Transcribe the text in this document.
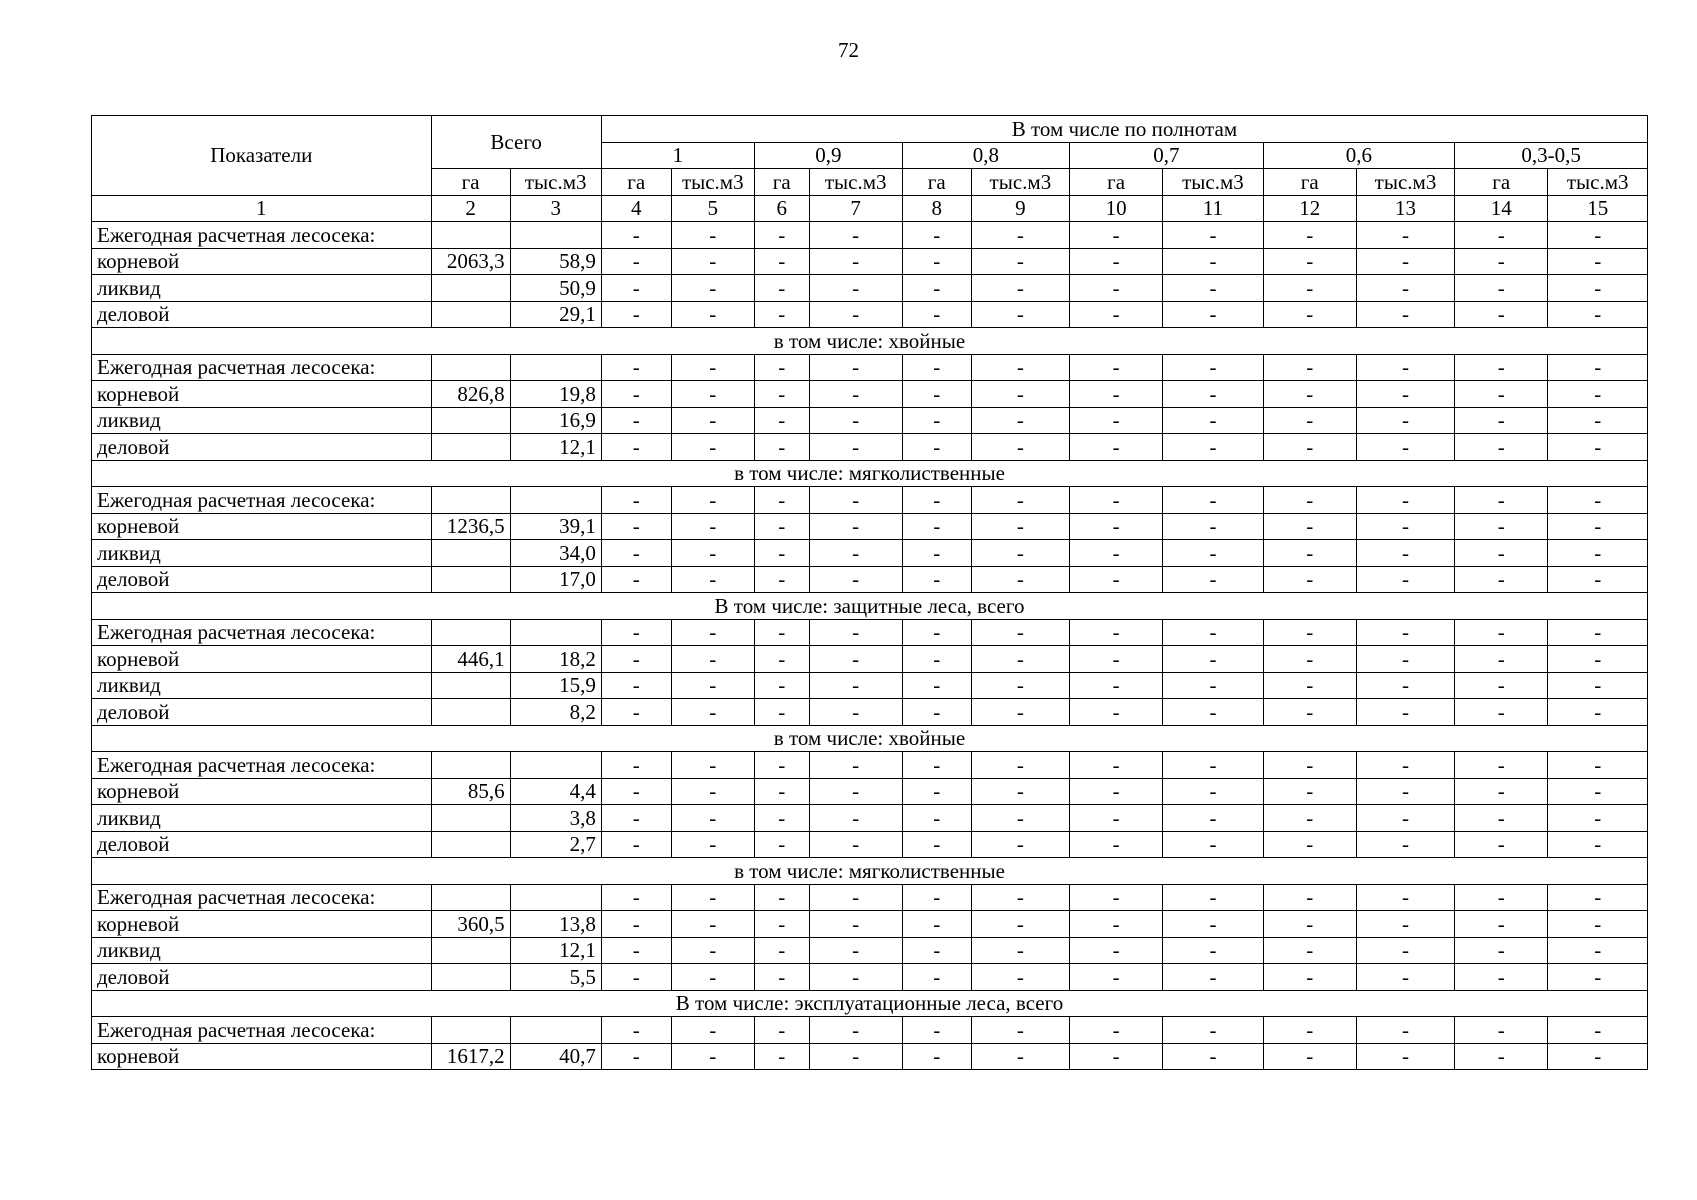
72
Показатели	Всего		В том числе по полнотам											
			1		0,9		0,8		0,7		0,6		0,3-0,5	
	га	тыс.м3	га	тыс.м3	га	тыс.м3	га	тыс.м3	га	тыс.м3	га	тыс.м3	га	тыс.м3
1	2	3	4	5	6	7	8	9	10	11	12	13	14	15
Ежегодная расчетная лесосека:			-	-	-	-	-	-	-	-	-	-	-	-
корневой	2063,3	58,9	-	-	-	-	-	-	-	-	-	-	-	-
ликвид		50,9	-	-	-	-	-	-	-	-	-	-	-	-
деловой		29,1	-	-	-	-	-	-	-	-	-	-	-	-
в том числе: хвойные														
Ежегодная расчетная лесосека:			-	-	-	-	-	-	-	-	-	-	-	-
корневой	826,8	19,8	-	-	-	-	-	-	-	-	-	-	-	-
ликвид		16,9	-	-	-	-	-	-	-	-	-	-	-	-
деловой		12,1	-	-	-	-	-	-	-	-	-	-	-	-
в том числе: мягколиственные														
Ежегодная расчетная лесосека:			-	-	-	-	-	-	-	-	-	-	-	-
корневой	1236,5	39,1	-	-	-	-	-	-	-	-	-	-	-	-
ликвид		34,0	-	-	-	-	-	-	-	-	-	-	-	-
деловой		17,0	-	-	-	-	-	-	-	-	-	-	-	-
В том числе: защитные леса, всего														
Ежегодная расчетная лесосека:			-	-	-	-	-	-	-	-	-	-	-	-
корневой	446,1	18,2	-	-	-	-	-	-	-	-	-	-	-	-
ликвид		15,9	-	-	-	-	-	-	-	-	-	-	-	-
деловой		8,2	-	-	-	-	-	-	-	-	-	-	-	-
в том числе: хвойные														
Ежегодная расчетная лесосека:			-	-	-	-	-	-	-	-	-	-	-	-
корневой	85,6	4,4	-	-	-	-	-	-	-	-	-	-	-	-
ликвид		3,8	-	-	-	-	-	-	-	-	-	-	-	-
деловой		2,7	-	-	-	-	-	-	-	-	-	-	-	-
в том числе: мягколиственные														
Ежегодная расчетная лесосека:			-	-	-	-	-	-	-	-	-	-	-	-
корневой	360,5	13,8	-	-	-	-	-	-	-	-	-	-	-	-
ликвид		12,1	-	-	-	-	-	-	-	-	-	-	-	-
деловой		5,5	-	-	-	-	-	-	-	-	-	-	-	-
В том числе: эксплуатационные леса, всего														
Ежегодная расчетная лесосека:			-	-	-	-	-	-	-	-	-	-	-	-
корневой	1617,2	40,7	-	-	-	-	-	-	-	-	-	-	-	-
